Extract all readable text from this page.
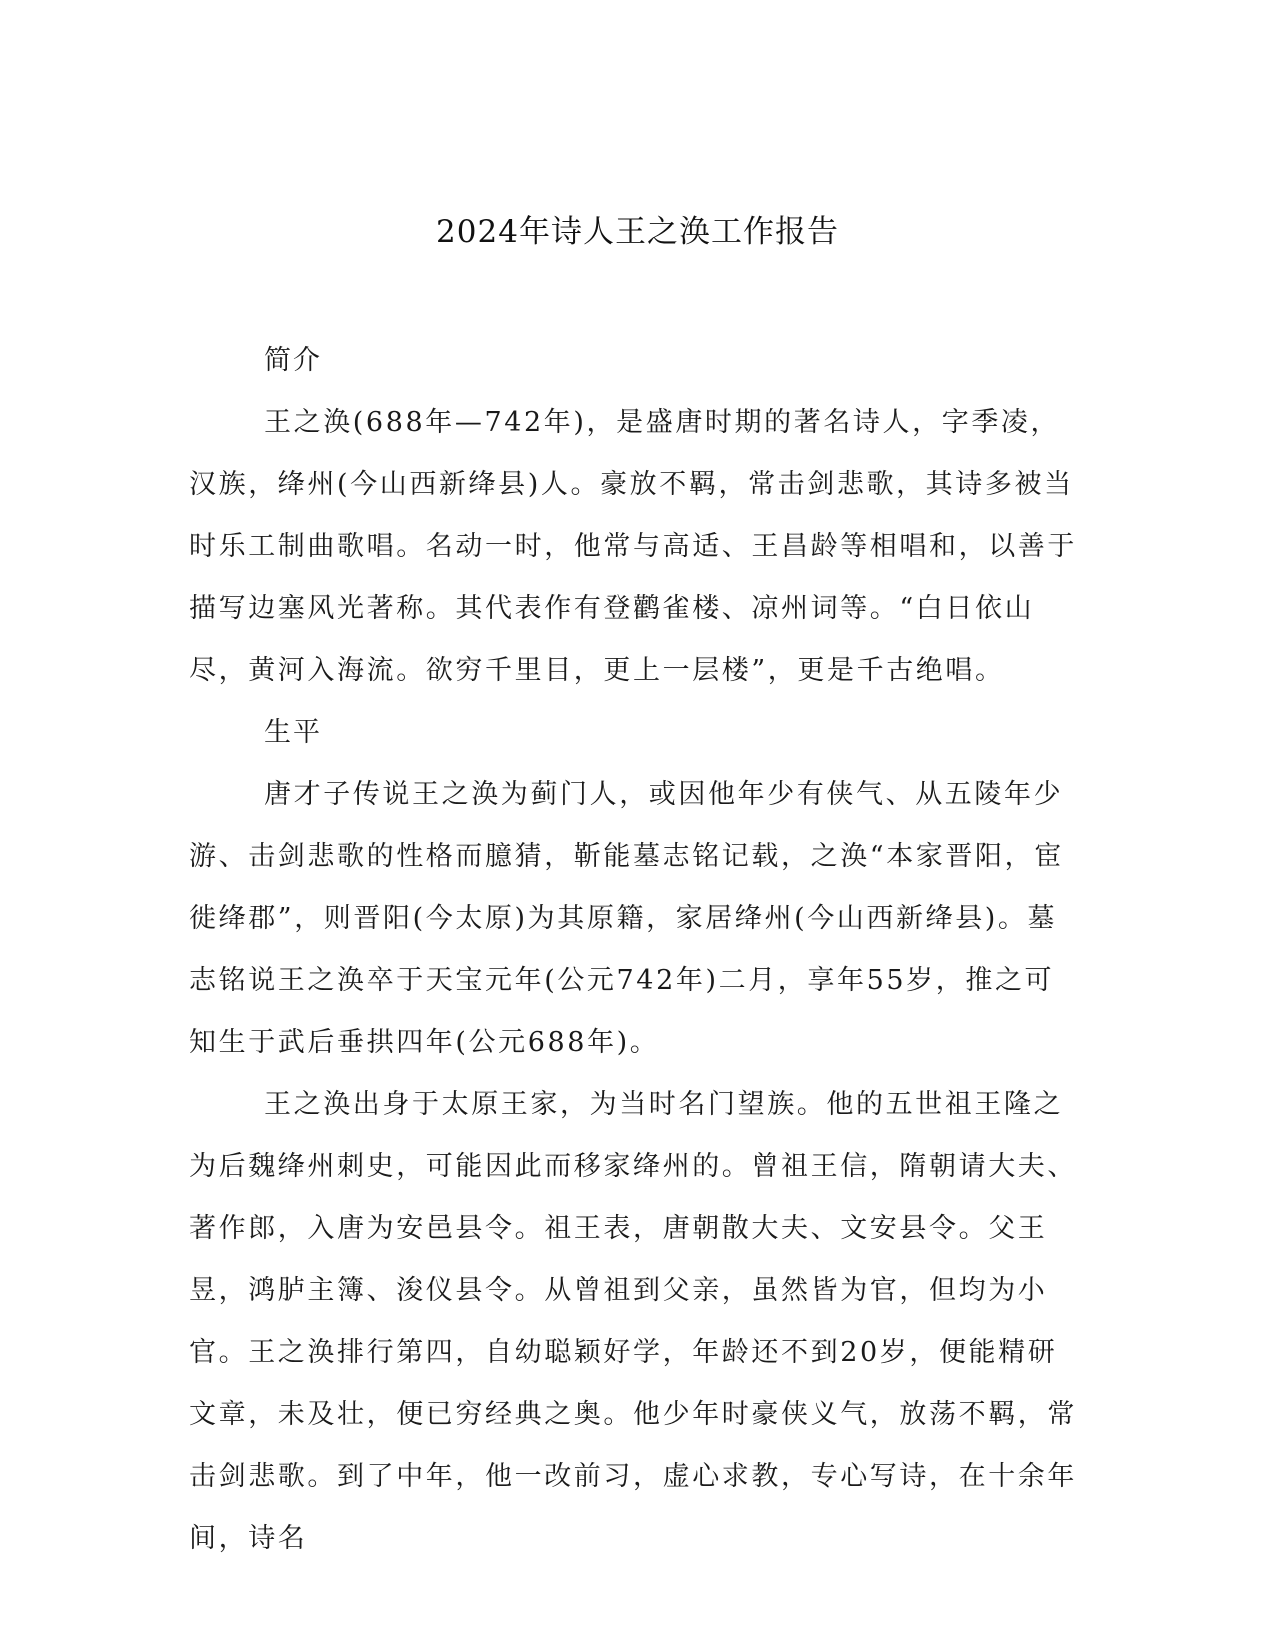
2024年诗人王之涣工作报告
简介

王之涣(688年—742年)，是盛唐时期的著名诗人，字季凌，汉族，绛州(今山西新绛县)人。豪放不羁，常击剑悲歌，其诗多被当时乐工制曲歌唱。名动一时，他常与高适、王昌龄等相唱和，以善于描写边塞风光著称。其代表作有登鹳雀楼、凉州词等。“白日依山尽，黄河入海流。欲穷千里目，更上一层楼”，更是千古绝唱。

生平

唐才子传说王之涣为蓟门人，或因他年少有侠气、从五陵年少游、击剑悲歌的性格而臆猜，靳能墓志铭记载，之涣“本家晋阳，宦徙绛郡”，则晋阳(今太原)为其原籍，家居绛州(今山西新绛县)。墓志铭说王之涣卒于天宝元年(公元742年)二月，享年55岁，推之可知生于武后垂拱四年(公元688年)。

王之涣出身于太原王家，为当时名门望族。他的五世祖王隆之为后魏绛州刺史，可能因此而移家绛州的。曾祖王信，隋朝请大夫、著作郎，入唐为安邑县令。祖王表，唐朝散大夫、文安县令。父王昱，鸿胪主簿、浚仪县令。从曾祖到父亲，虽然皆为官，但均为小官。王之涣排行第四，自幼聪颖好学，年龄还不到20岁，便能精研文章，未及壮，便已穷经典之奥。他少年时豪侠义气，放荡不羁，常击剑悲歌。到了中年，他一改前习，虚心求教，专心写诗，在十余年间，诗名
